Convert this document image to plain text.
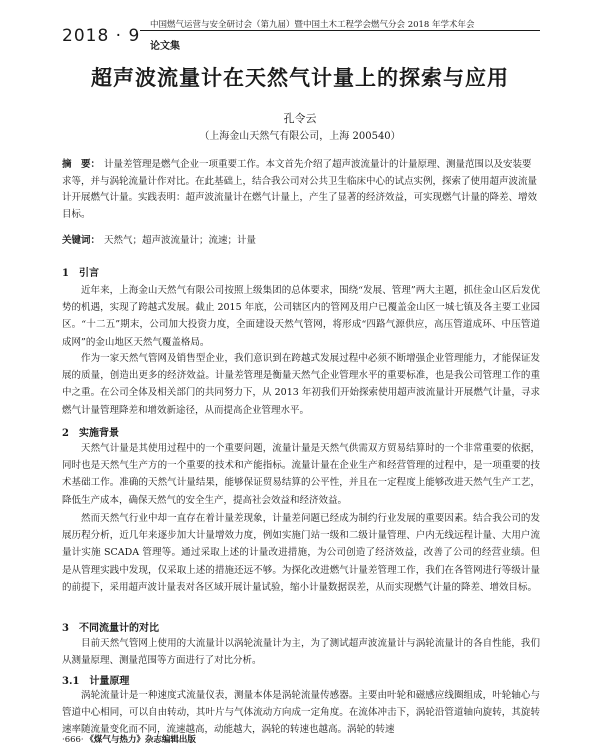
2018 · 9
中国燃气运营与安全研讨会（第九届）暨中国土木工程学会燃气分会 2018 年学术年会
论文集
超声波流量计在天然气计量上的探索与应用
孔令云
（上海金山天然气有限公司，上海 200540）
摘　要： 计量差管理是燃气企业一项重要工作。本文首先介绍了超声波流量计的计量原理、测量范围以及安装要求等，并与涡轮流量计作对比。在此基础上，结合我公司对公共卫生临床中心的试点实例，探索了使用超声波流量计开展燃气计量。实践表明：超声波流量计在燃气计量上，产生了显著的经济效益，可实现燃气计量的降差、增效目标。
关键词： 天然气；超声波流量计；流速；计量
1　引言
近年来，上海金山天然气有限公司按照上级集团的总体要求，围绕“发展、管理”两大主题，抓住金山区后发优势的机遇，实现了跨越式发展。截止 2015 年底，公司辖区内的管网及用户已覆盖金山区一城七镇及各主要工业园区。“十二五”期末，公司加大投资力度，全面建设天然气管网，将形成“四路气源供应，高压管道成环、中压管道成网”的金山地区天然气覆盖格局。
作为一家天然气管网及销售型企业，我们意识到在跨越式发展过程中必须不断增强企业管理能力，才能保证发展的质量，创造出更多的经济效益。计量差管理是衡量天然气企业管理水平的重要标准，也是我公司管理工作的重中之重。在公司全体及相关部门的共同努力下，从 2013 年初我们开始探索使用超声波流量计开展燃气计量，寻求燃气计量管理降差和增效新途径，从而提高企业管理水平。
2　实施背景
天然气计量是其使用过程中的一个重要问题，流量计量是天然气供需双方贸易结算时的一个非常重要的依据，同时也是天然气生产方的一个重要的技术和产能指标。流量计量在企业生产和经营管理的过程中，是一项重要的技术基础工作。准确的天然气计量结果，能够保证贸易结算的公平性，并且在一定程度上能够改进天然气生产工艺，降低生产成本，确保天然气的安全生产，提高社会效益和经济效益。
然而天然气行业中却一直存在着计量差现象，计量差问题已经成为制约行业发展的重要因素。结合我公司的发展历程分析，近几年来逐步加大计量增效力度，例如实施门站一级和二级计量管理、户内无线远程计量、大用户流量计实施 SCADA 管理等。通过采取上述的计量改进措施，为公司创造了经济效益，改善了公司的经营业绩。但是从管理实践中发现，仅采取上述的措施还远不够。为探化改进燃气计量差管理工作，我们在各管网进行等级计量的前提下，采用超声波计量表对各区域开展计量试验，缩小计量数据误差，从而实现燃气计量的降差、增效目标。
3　不同流量计的对比
目前天然气管网上使用的大流量计以涡轮流量计为主，为了测试超声波流量计与涡轮流量计的各自性能，我们从测量原理、测量范围等方面进行了对比分析。
3.1　计量原理
涡轮流量计是一种速度式流量仪表，测量本体是涡轮流量传感器。主要由叶轮和磁感应线圈组成，叶轮轴心与管道中心相同，可以自由转动，其叶片与气体流动方向成一定角度。在流体冲击下，涡轮沿管道轴向旋转，其旋转速率随流量变化而不同，流速越高，动能越大，涡轮的转速也越高。涡轮的转速
·666· 《煤气与热力》杂志编辑出版
